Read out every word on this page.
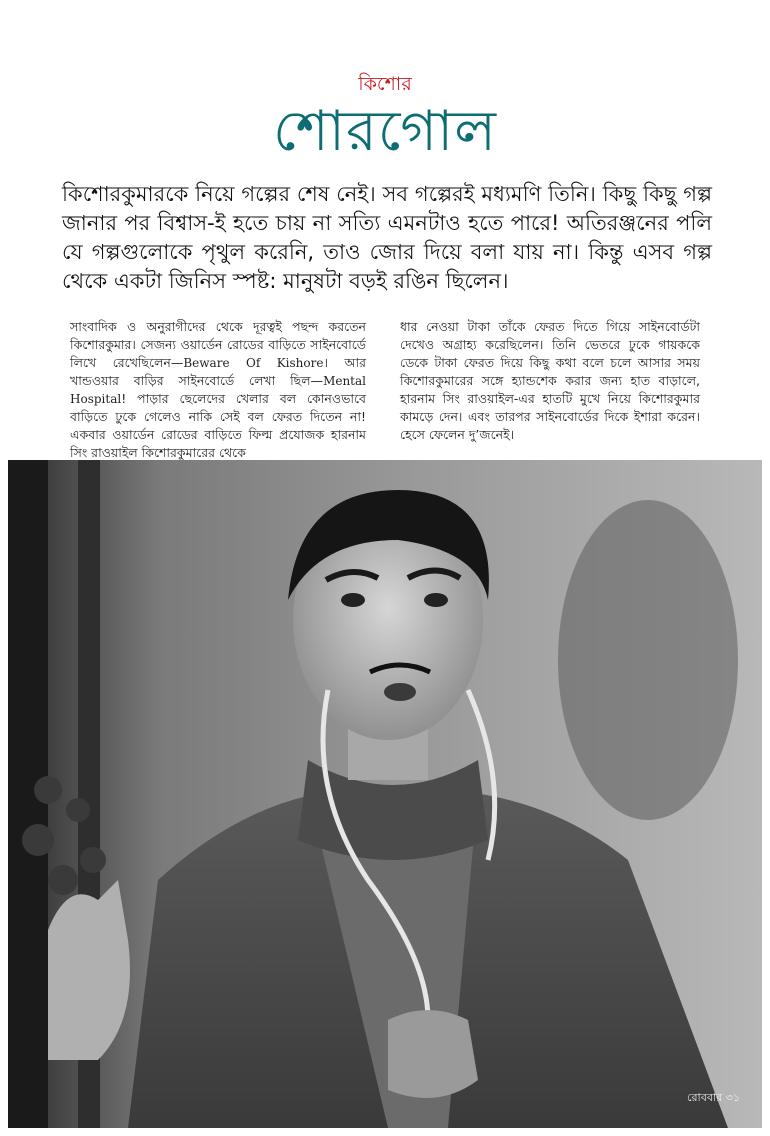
কিশোর
শোরগোল

কিশোরকুমারকে নিয়ে গল্পের শেষ নেই। সব গল্পেরই মধ্যমণি তিনি। কিছু কিছু গল্প জানার পর বিশ্বাস-ই হতে চায় না সত্যি এমনটাও হতে পারে! অতিরঞ্জনের পলি যে গল্পগুলোকে পৃথুল করেনি, তাও জোর দিয়ে বলা যায় না। কিন্তু এসব গল্প থেকে একটা জিনিস স্পষ্ট: মানুষটা বড়ই রঙিন ছিলেন।

সাংবাদিক ও অনুরাগীদের থেকে দূরত্বই পছন্দ করতেন কিশোরকুমার। সেজন্য ওয়ার্ডেন রোডের বাড়িতে সাইনবোর্ডে লিখে রেখেছিলেন—Beware Of Kishore। আর খান্ডওয়ার বাড়ির সাইনবোর্ডে লেখা ছিল—Mental Hospital! পাড়ার ছেলেদের খেলার বল কোনওভাবে বাড়িতে ঢুকে গেলেও নাকি সেই বল ফেরত দিতেন না! একবার ওয়ার্ডেন রোডের বাড়িতে ফিল্ম প্রযোজক হারনাম সিং রাওয়াইল কিশোরকুমারের থেকে
ধার নেওয়া টাকা তাঁকে ফেরত দিতে গিয়ে সাইনবোর্ডটা দেখেও অগ্রাহ্য করেছিলেন। তিনি ভেতরে ঢুকে গায়ককে ডেকে টাকা ফেরত দিয়ে কিছু কথা বলে চলে আসার সময় কিশোরকুমারের সঙ্গে হ্যান্ডশেক করার জন্য হাত বাড়ালে, হারনাম সিং রাওয়াইল-এর হাতটি মুখে নিয়ে কিশোরকুমার কামড়ে দেন। এবং তারপর সাইনবোর্ডের দিকে ইশারা করেন। হেসে ফেলেন দু’জনেই।
রোববার ৩১
